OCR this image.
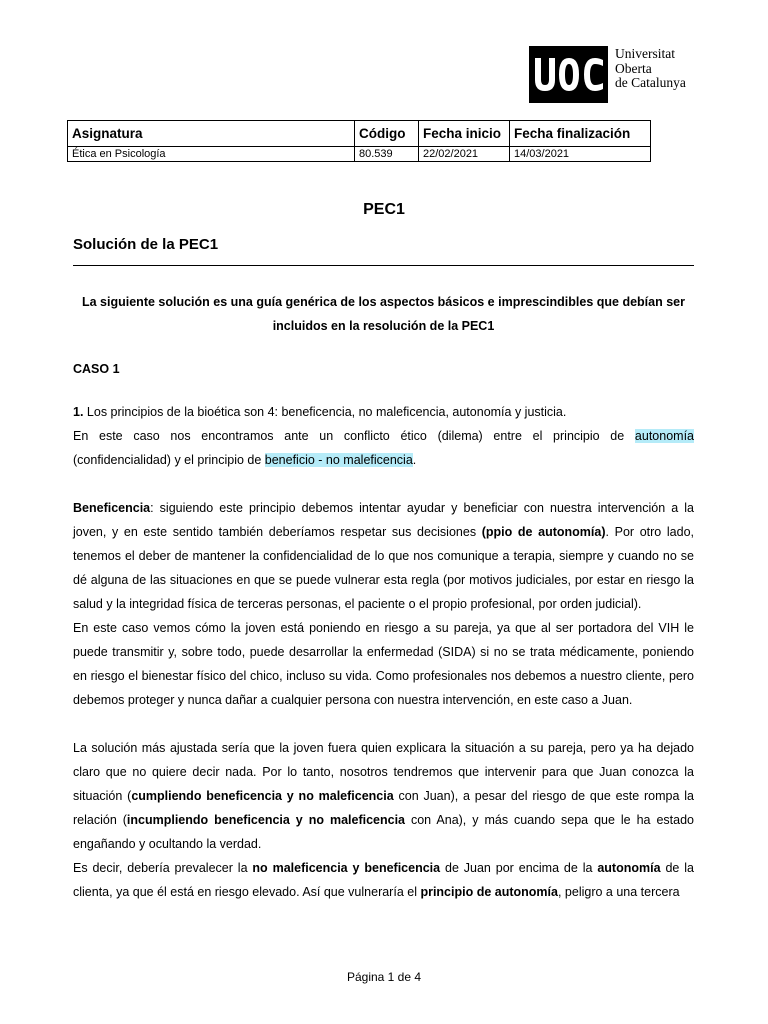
Universitat
Oberta
de Catalunya
Asignatura	Código	Fecha inicio	Fecha finalización
Ética en Psicología	80.539	22/02/2021	14/03/2021
PEC1
Solución de la PEC1
La siguiente solución es una guía genérica de los aspectos básicos e imprescindibles que debían ser incluidos en la resolución de la PEC1
CASO 1

1. Los principios de la bioética son 4: beneficencia, no maleficencia, autonomía y justicia.

En este caso nos encontramos ante un conflicto ético (dilema) entre el principio de autonomía (confidencialidad) y el principio de beneficio - no maleficencia.

Beneficencia: siguiendo este principio debemos intentar ayudar y beneficiar con nuestra intervención a la joven, y en este sentido también deberíamos respetar sus decisiones (ppio de autonomía). Por otro lado, tenemos el deber de mantener la confidencialidad de lo que nos comunique a terapia, siempre y cuando no se dé alguna de las situaciones en que se puede vulnerar esta regla (por motivos judiciales, por estar en riesgo la salud y la integridad física de terceras personas, el paciente o el propio profesional, por orden judicial).

En este caso vemos cómo la joven está poniendo en riesgo a su pareja, ya que al ser portadora del VIH le puede transmitir y, sobre todo, puede desarrollar la enfermedad (SIDA) si no se trata médicamente, poniendo en riesgo el bienestar físico del chico, incluso su vida. Como profesionales nos debemos a nuestro cliente, pero debemos proteger y nunca dañar a cualquier persona con nuestra intervención, en este caso a Juan.

La solución más ajustada sería que la joven fuera quien explicara la situación a su pareja, pero ya ha dejado claro que no quiere decir nada. Por lo tanto, nosotros tendremos que intervenir para que Juan conozca la situación (cumpliendo beneficencia y no maleficencia con Juan), a pesar del riesgo de que este rompa la relación (incumpliendo beneficencia y no maleficencia con Ana), y más cuando sepa que le ha estado engañando y ocultando la verdad.

Es decir, debería prevalecer la no maleficencia y beneficencia de Juan por encima de la autonomía de la clienta, ya que él está en riesgo elevado. Así que vulneraría el principio de autonomía, peligro a una tercera

Página 1 de 4
